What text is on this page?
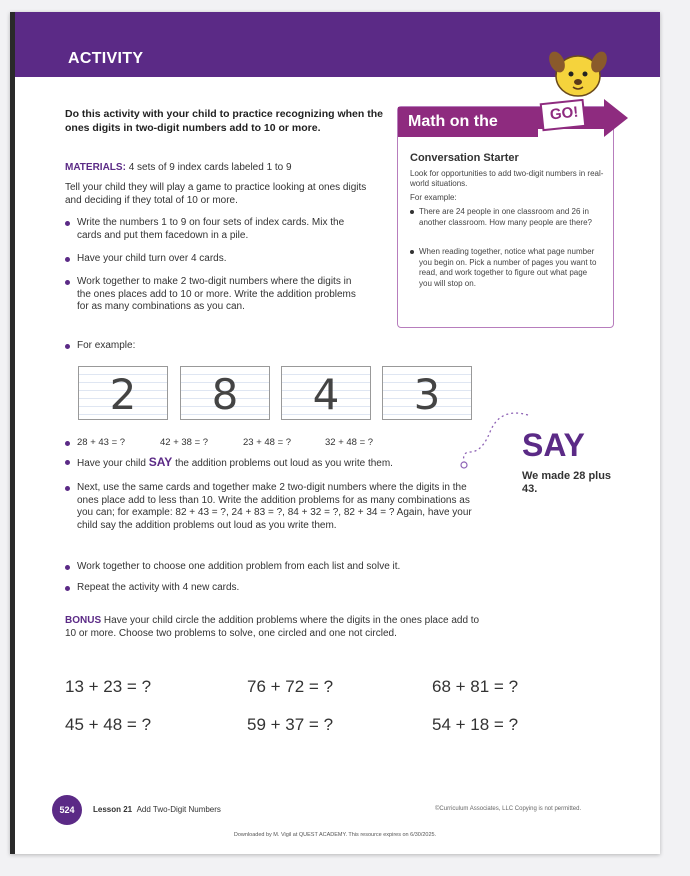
ACTIVITY
Do this activity with your child to practice recognizing when the ones digits in two-digit numbers add to 10 or more.
MATERIALS: 4 sets of 9 index cards labeled 1 to 9
Tell your child they will play a game to practice looking at ones digits and deciding if they total of 10 or more.
Write the numbers 1 to 9 on four sets of index cards. Mix the cards and put them facedown in a pile.
Have your child turn over 4 cards.
Work together to make 2 two-digit numbers where the digits in the ones places add to 10 or more. Write the addition problems for as many combinations as you can.
For example:
2	8	4	3
28 + 43 = ?	42 + 38 = ?	23 + 48 = ?	32 + 48 = ?
Have your child SAY the addition problems out loud as you write them.
SAY
We made 28 plus 43.
Next, use the same cards and together make 2 two-digit numbers where the digits in the ones place add to less than 10. Write the addition problems for as many combinations as you can; for example: 82 + 43 = ?, 24 + 83 = ?, 84 + 32 = ?, 82 + 34 = ? Again, have your child say the addition problems out loud as you write them.
Work together to choose one addition problem from each list and solve it.
Repeat the activity with 4 new cards.
BONUS Have your child circle the addition problems where the digits in the ones place add to 10 or more. Choose two problems to solve, one circled and one not circled.
13 + 23 = ?	76 + 72 = ?	68 + 81 = ?
45 + 48 = ?	59 + 37 = ?	54 + 18 = ?
Math on the	GO!
Conversation Starter
Look for opportunities to add two-digit numbers in real-world situations.
For example:
There are 24 people in one classroom and 26 in another classroom. How many people are there?
When reading together, notice what page number you begin on. Pick a number of pages you want to read, and work together to figure out what page you will stop on.
524	Lesson 21 Add Two-Digit Numbers	©Curriculum Associates, LLC Copying is not permitted.
Downloaded by M. Vigil at QUEST ACADEMY. This resource expires on 6/30/2025.
